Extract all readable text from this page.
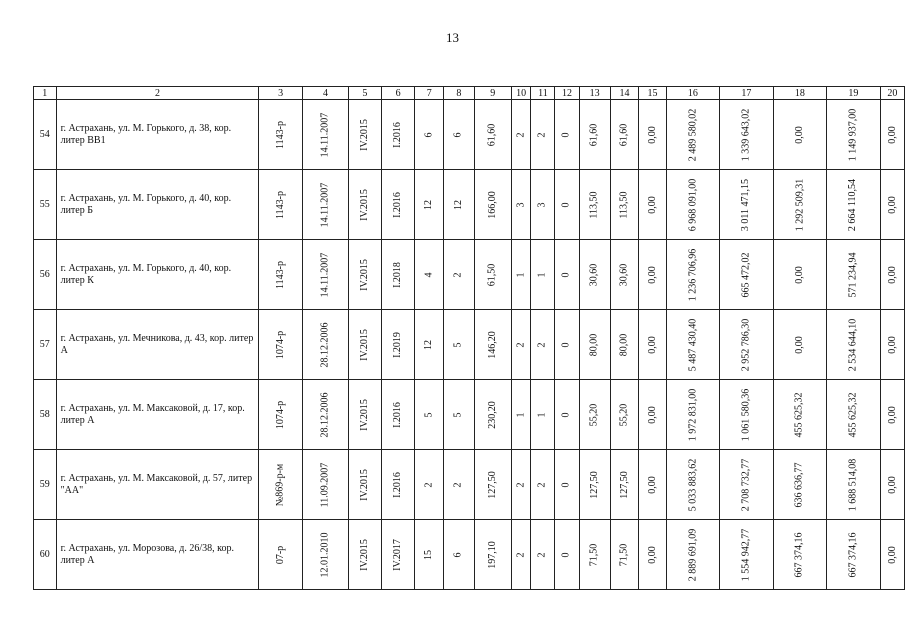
13
1	2	3	4	5	6	7	8	9	10	11	12	13	14	15	16	17	18	19	20
54	г. Астрахань, ул. М. Горького, д. 38, кор. литер ВВ1	1143-р	14.11.2007	IV.2015	I.2016	6	6	61,60	2	2	0	61,60	61,60	0,00	2 489 580,02	1 339 643,02	0,00	1 149 937,00	0,00
55	г. Астрахань, ул. М. Горького, д. 40, кор. литер Б	1143-р	14.11.2007	IV.2015	I.2016	12	12	166,00	3	3	0	113,50	113,50	0,00	6 968 091,00	3 011 471,15	1 292 509,31	2 664 110,54	0,00
56	г. Астрахань, ул. М. Горького, д. 40, кор. литер К	1143-р	14.11.2007	IV.2015	I.2018	4	2	61,50	1	1	0	30,60	30,60	0,00	1 236 706,96	665 472,02	0,00	571 234,94	0,00
57	г. Астрахань, ул. Мечникова, д. 43, кор. литер А	1074-р	28.12.2006	IV.2015	I.2019	12	5	146,20	2	2	0	80,00	80,00	0,00	5 487 430,40	2 952 786,30	0,00	2 534 644,10	0,00
58	г. Астрахань, ул. М. Максаковой, д. 17, кор. литер А	1074-р	28.12.2006	IV.2015	I.2016	5	5	230,20	1	1	0	55,20	55,20	0,00	1 972 831,00	1 061 580,36	455 625,32	455 625,32	0,00
59	г. Астрахань, ул. М. Максаковой, д. 57, литер "АА"	№869-р-м	11.09.2007	IV.2015	I.2016	2	2	127,50	2	2	0	127,50	127,50	0,00	5 033 883,62	2 708 732,77	636 636,77	1 688 514,08	0,00
60	г. Астрахань, ул. Морозова, д. 26/38, кор. литер А	07-р	12.01.2010	IV.2015	IV.2017	15	6	197,10	2	2	0	71,50	71,50	0,00	2 889 691,09	1 554 942,77	667 374,16	667 374,16	0,00
